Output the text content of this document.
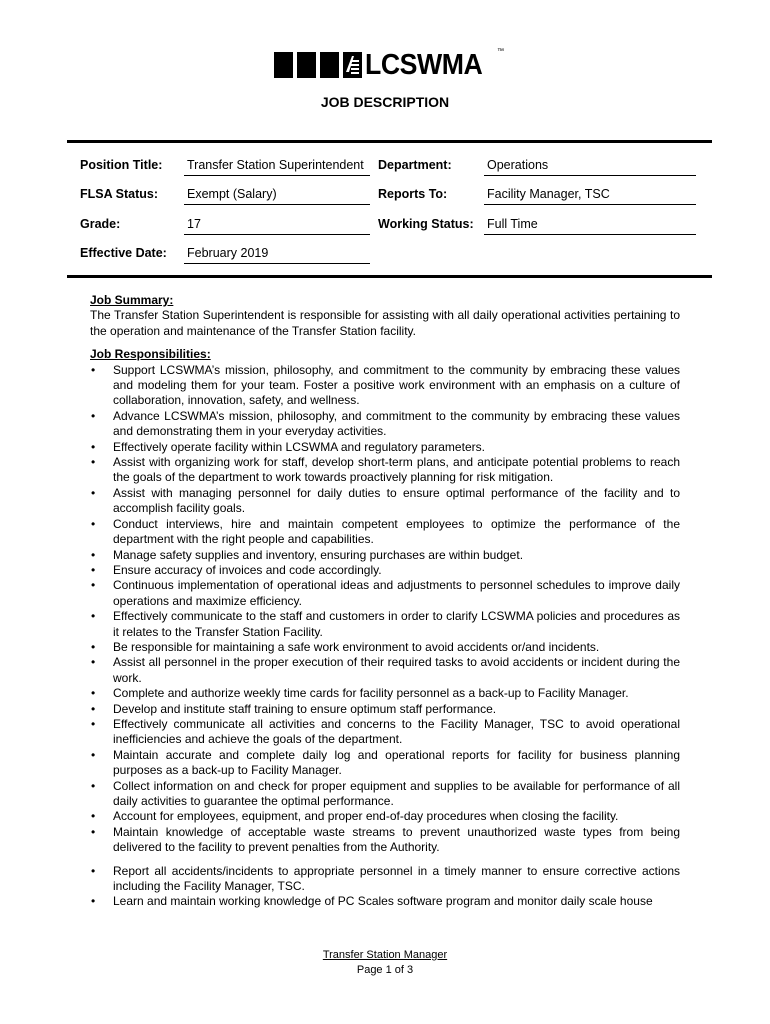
LCSWMA ™
JOB DESCRIPTION
Position Title: Transfer Station Superintendent	Department:	Operations
FLSA Status: Exempt (Salary)	Reports To:	Facility Manager, TSC
Grade:	17	Working Status: Full Time
Effective Date: February 2019
Job Summary:
The Transfer Station Superintendent is responsible for assisting with all daily operational activities pertaining to the operation and maintenance of the Transfer Station facility.
Job Responsibilities:
• Support LCSWMA’s mission, philosophy, and commitment to the community by embracing these values and modeling them for your team. Foster a positive work environment with an emphasis on a culture of collaboration, innovation, safety, and wellness.
• Advance LCSWMA’s mission, philosophy, and commitment to the community by embracing these values and demonstrating them in your everyday activities.
• Effectively operate facility within LCSWMA and regulatory parameters.
• Assist with organizing work for staff, develop short-term plans, and anticipate potential problems to reach the goals of the department to work towards proactively planning for risk mitigation.
• Assist with managing personnel for daily duties to ensure optimal performance of the facility and to accomplish facility goals.
• Conduct interviews, hire and maintain competent employees to optimize the performance of the department with the right people and capabilities.
• Manage safety supplies and inventory, ensuring purchases are within budget.
• Ensure accuracy of invoices and code accordingly.
• Continuous implementation of operational ideas and adjustments to personnel schedules to improve daily operations and maximize efficiency.
• Effectively communicate to the staff and customers in order to clarify LCSWMA policies and procedures as it relates to the Transfer Station Facility.
• Be responsible for maintaining a safe work environment to avoid accidents or/and incidents.
• Assist all personnel in the proper execution of their required tasks to avoid accidents or incident during the work.
• Complete and authorize weekly time cards for facility personnel as a back-up to Facility Manager.
• Develop and institute staff training to ensure optimum staff performance.
• Effectively communicate all activities and concerns to the Facility Manager, TSC to avoid operational inefficiencies and achieve the goals of the department.
• Maintain accurate and complete daily log and operational reports for facility for business planning purposes as a back-up to Facility Manager.
• Collect information on and check for proper equipment and supplies to be available for performance of all daily activities to guarantee the optimal performance.
• Account for employees, equipment, and proper end-of-day procedures when closing the facility.
• Maintain knowledge of acceptable waste streams to prevent unauthorized waste types from being delivered to the facility to prevent penalties from the Authority.
• Report all accidents/incidents to appropriate personnel in a timely manner to ensure corrective actions including the Facility Manager, TSC.
• Learn and maintain working knowledge of PC Scales software program and monitor daily scale house
Transfer Station Manager
Page 1 of 3
